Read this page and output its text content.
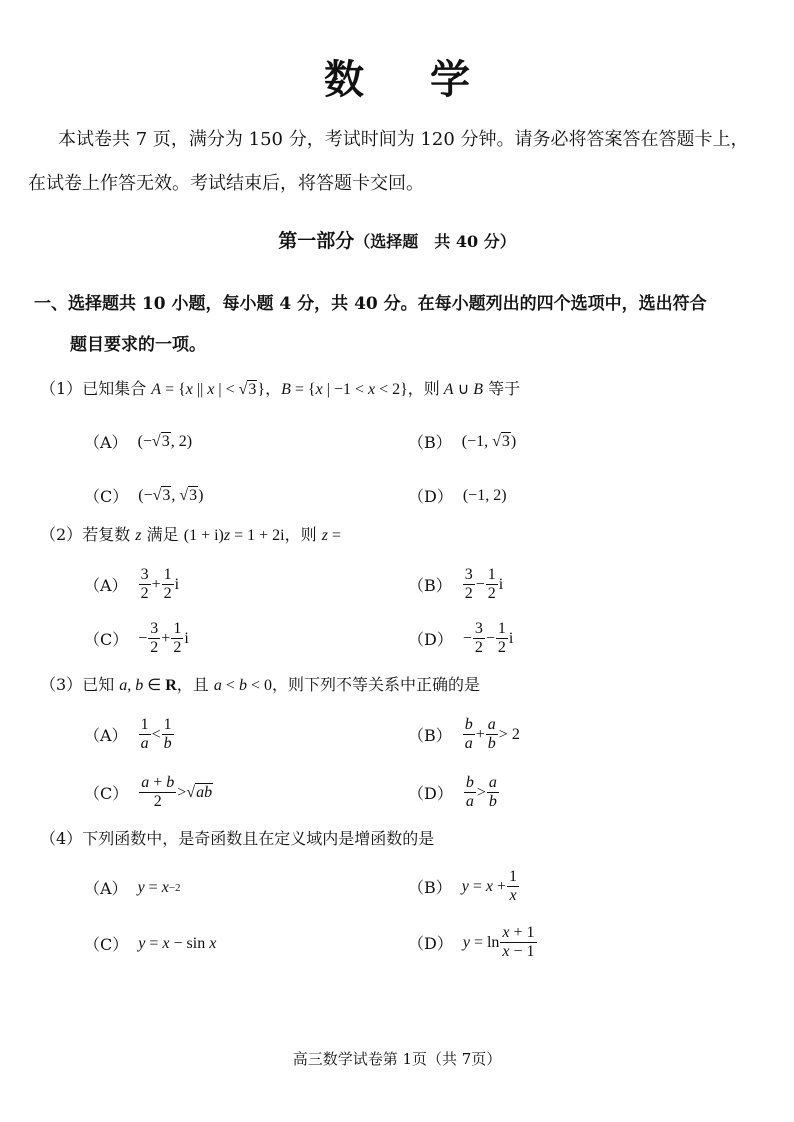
数 学
本试卷共 7 页，满分为 150 分，考试时间为 120 分钟。请务必将答案答在答题卡上，
在试卷上作答无效。考试结束后，将答题卡交回。
第一部分（选择题　共 40 分）
一、选择题共 10 小题，每小题 4 分，共 40 分。在每小题列出的四个选项中，选出符合
题目要求的一项。
（1）已知集合 A = {x || x | < √3}，B = {x | −1 < x < 2}，则 A ∪ B 等于
（A） (−√3, 2)	（B） (−1, √3)
（C） (−√3, √3)	（D） (−1, 2)
（2）若复数 z 满足 (1 + i)z = 1 + 2i，则 z =
$(A) \frac{3}{2} + \frac{1}{2}$ i	$(B) \frac{3}{2} - \frac{1}{2}$ i
$(C) - \frac{3}{2} + \frac{1}{2}$ i	$(D) - \frac{3}{2} - \frac{1}{2}$ i
（3）已知 a, b ∈ R，且 a < b < 0，则下列不等关系中正确的是
$(A) \frac{1}{a} < \frac{1}{b}$	$(B) \frac{b}{a} + \frac{a}{b} > 2$
$(C) \frac{a + b}{2} > √ab$	$(D) \frac{b}{a} > \frac{a}{b}$
（4）下列函数中，是奇函数且在定义域内是增函数的是
（A） y = x −2	（B） $y = x + \frac{1}{x}$
（C） y = x − sin x	（D） $y = \ln \frac{x + 1}{x - 1}$
高三数学试卷第 1页（共 7页）
